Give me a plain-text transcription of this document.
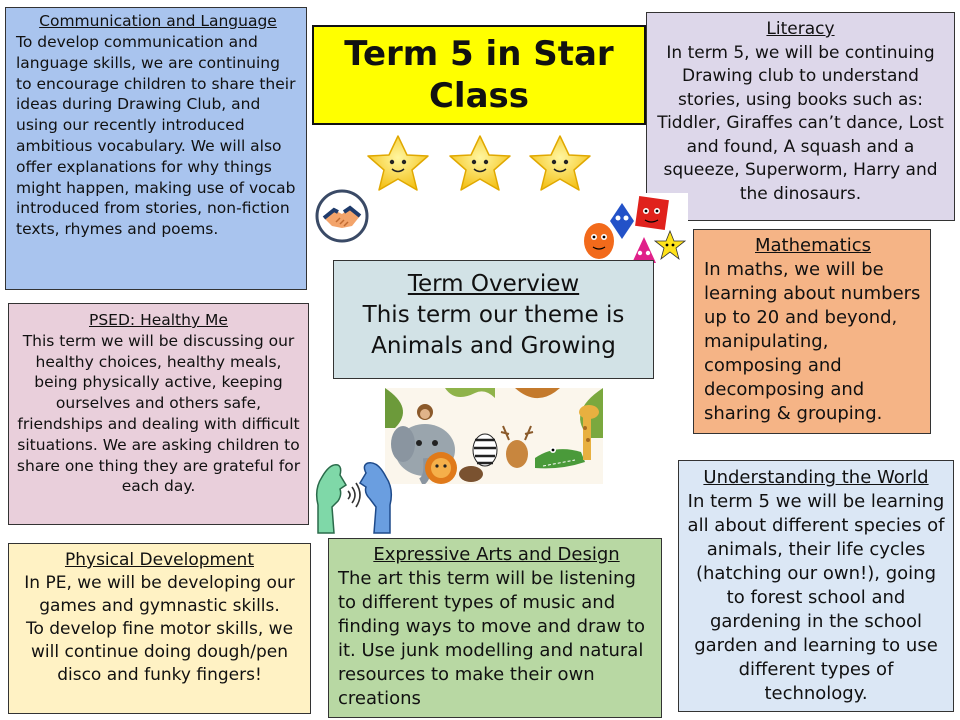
Communication and Language
To develop communication and language skills, we are continuing to encourage children to share their ideas during Drawing Club, and using our recently introduced ambitious vocabulary. We will also offer explanations for why things might happen, making use of vocab introduced from stories, non-fiction texts, rhymes and poems.
Term 5 in Star Class
Literacy
In term 5, we will be continuing Drawing club to understand stories, using books such as: Tiddler, Giraffes can’t dance, Lost and found, A squash and a squeeze, Superworm, Harry and the dinosaurs.
Term Overview
This term our theme is Animals and Growing
Mathematics
In maths, we will be learning about numbers up to 20 and beyond, manipulating, composing and decomposing and sharing & grouping.
PSED: Healthy Me
This term we will be discussing our healthy choices, healthy meals, being physically active, keeping ourselves and others safe, friendships and dealing with difficult situations. We are asking children to share one thing they are grateful for each day.	Understanding the World
In term 5 we will be learning all about different species of animals, their life cycles (hatching our own!), going to forest school and gardening in the school garden and learning to use different types of technology.
Physical Development
In PE, we will be developing our games and gymnastic skills.
To develop fine motor skills, we will continue doing dough/pen disco and funky fingers!
Expressive Arts and Design
The art this term will be listening to different types of music and finding ways to move and draw to it. Use junk modelling and natural resources to make their own creations
